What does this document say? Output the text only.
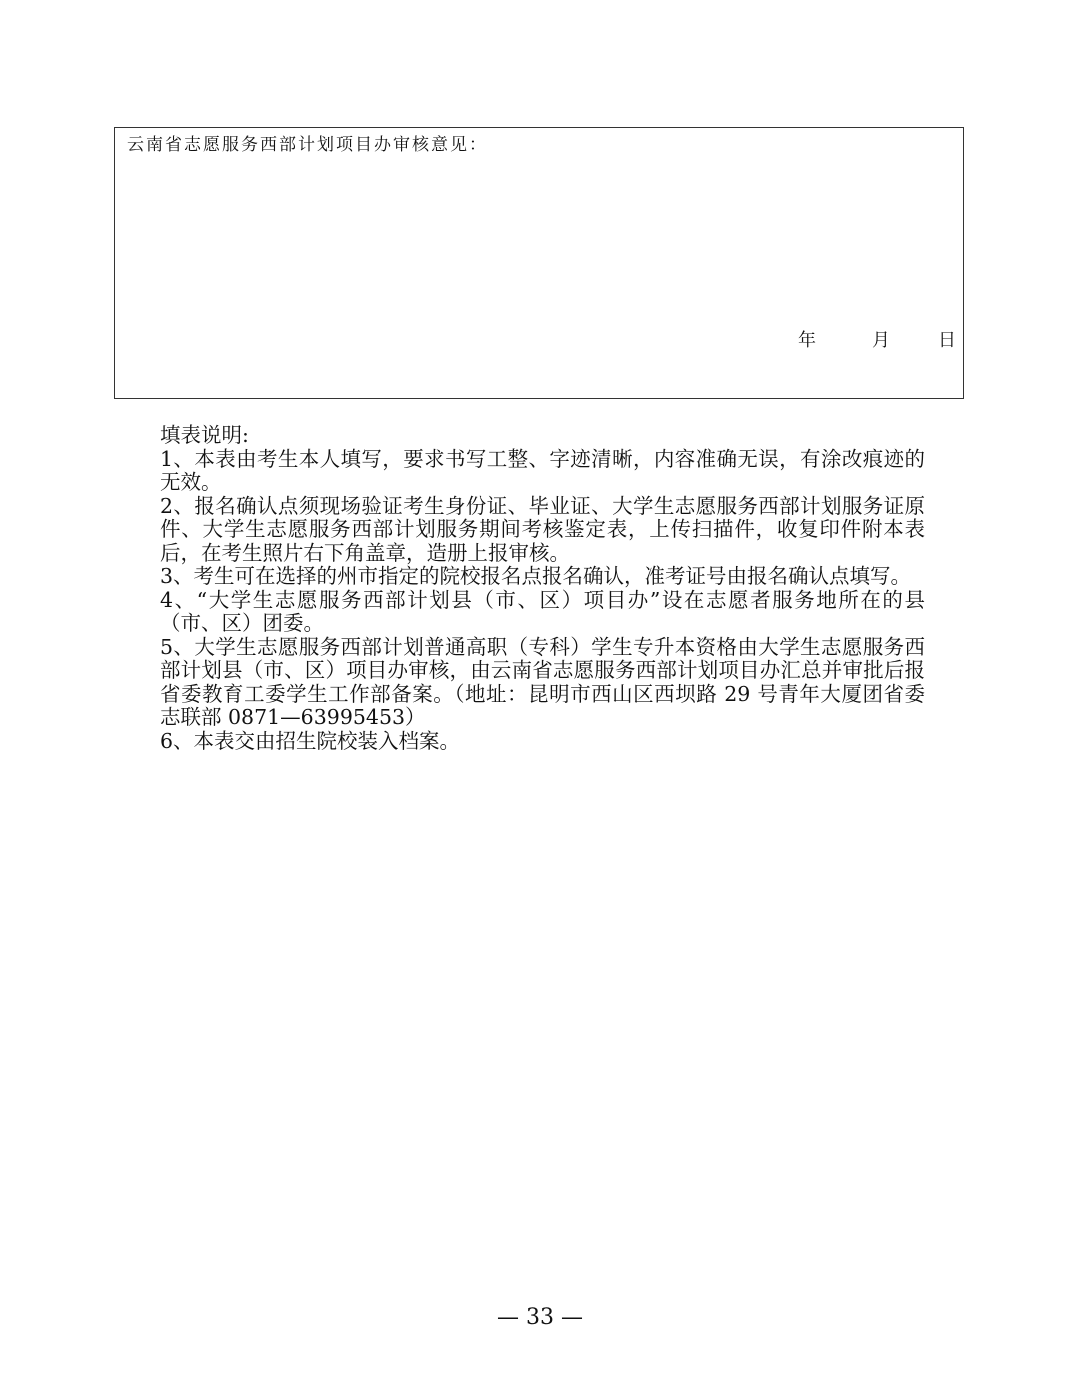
云南省志愿服务西部计划项目办审核意见：
年	月	日
填表说明:
1、本表由考生本人填写，要求书写工整、字迹清晰，内容准确无误，有涂改痕迹的无效。
2、报名确认点须现场验证考生身份证、毕业证、大学生志愿服务西部计划服务证原件、大学生志愿服务西部计划服务期间考核鉴定表，上传扫描件，收复印件附本表后，在考生照片右下角盖章，造册上报审核。
3、考生可在选择的州市指定的院校报名点报名确认，准考证号由报名确认点填写。
4、“大学生志愿服务西部计划县（市、区）项目办”设在志愿者服务地所在的县（市、区）团委。
5、大学生志愿服务西部计划普通高职（专科）学生专升本资格由大学生志愿服务西部计划县（市、区）项目办审核，由云南省志愿服务西部计划项目办汇总并审批后报省委教育工委学生工作部备案。（地址：昆明市西山区西坝路 29 号青年大厦团省委志联部 0871—63995453）
6、本表交由招生院校装入档案。
— 33 —
